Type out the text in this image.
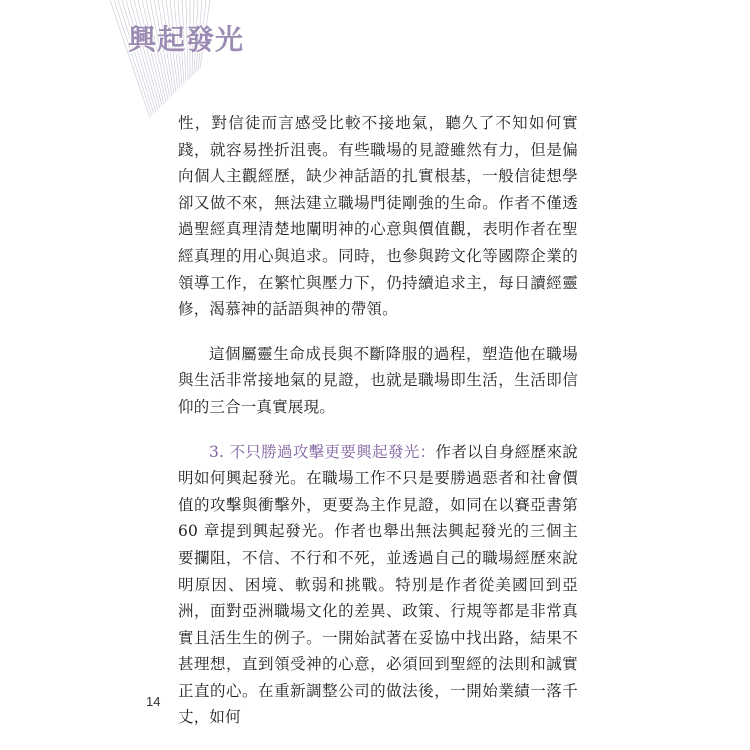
興起發光

性，對信徒而言感受比較不接地氣，聽久了不知如何實踐，就容易挫折沮喪。有些職場的見證雖然有力，但是偏向個人主觀經歷，缺少神話語的扎實根基，一般信徒想學卻又做不來，無法建立職場門徒剛強的生命。作者不僅透過聖經真理清楚地闡明神的心意與價值觀，表明作者在聖經真理的用心與追求。同時，也參與跨文化等國際企業的領導工作，在繁忙與壓力下，仍持續追求主，每日讀經靈修，渴慕神的話語與神的帶領。

這個屬靈生命成長與不斷降服的過程，塑造他在職場與生活非常接地氣的見證，也就是職場即生活，生活即信仰的三合一真實展現。

3. 不只勝過攻擊更要興起發光：作者以自身經歷來說明如何興起發光。在職場工作不只是要勝過惡者和社會價值的攻擊與衝擊外，更要為主作見證，如同在以賽亞書第 60 章提到興起發光。作者也舉出無法興起發光的三個主要攔阻，不信、不行和不死，並透過自己的職場經歷來說明原因、困境、軟弱和挑戰。特別是作者從美國回到亞洲，面對亞洲職場文化的差異、政策、行規等都是非常真實且活生生的例子。一開始試著在妥協中找出路，結果不甚理想，直到領受神的心意，必須回到聖經的法則和誠實正直的心。在重新調整公司的做法後，一開始業績一落千丈，如何

14
